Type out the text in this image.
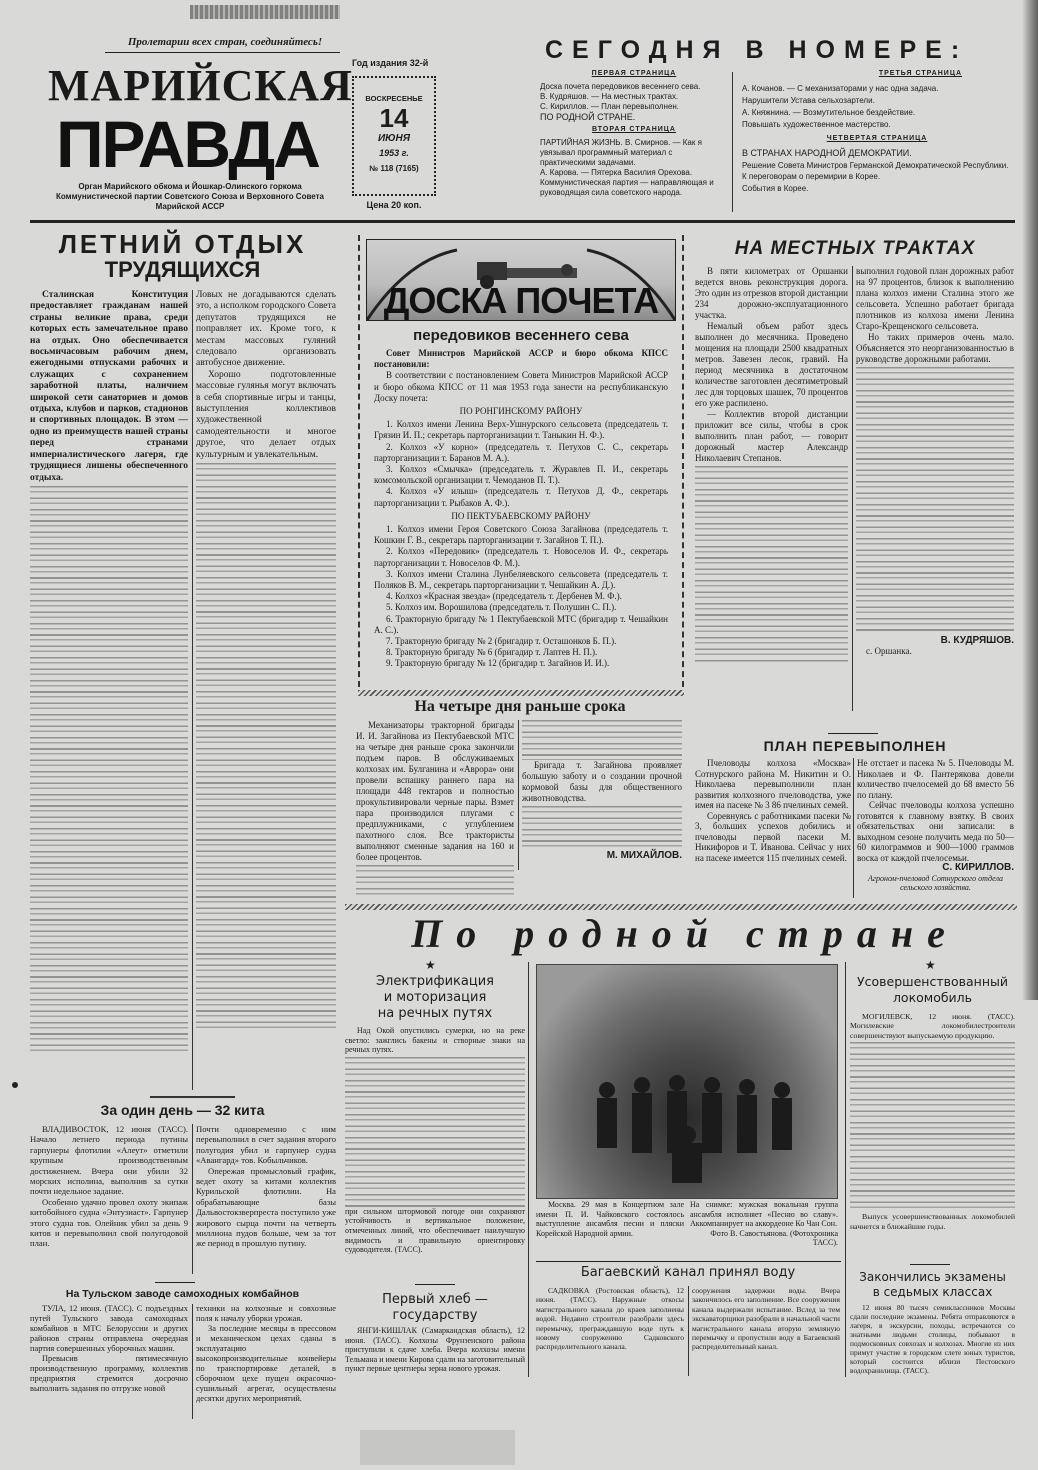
Пролетарии всех стран, соединяйтесь!
Год издания 32-й
МАРИЙСКАЯ
ПРАВДА
Орган Марийского обкома и Йошкар-Олинского горкома Коммунистической партии Советского Союза и Верховного Совета Марийской АССР
ВОСКРЕСЕНЬЕ
14
ИЮНЯ
1953 г.
№ 118 (7165)
Цена 20 коп.
СЕГОДНЯ В НОМЕРЕ:
ПЕРВАЯ СТРАНИЦА
Доска почета передовиков весеннего сева.
В. Кудряшов. — На местных трактах.
С. Кириллов. — План перевыполнен.
ПО РОДНОЙ СТРАНЕ.
ВТОРАЯ СТРАНИЦА
ПАРТИЙНАЯ ЖИЗНЬ. В. Смирнов. — Как я увязывал программный материал с практическими задачами.
А. Карова. — Пятерка Василия Орехова.
Коммунистическая партия — направляющая и руководящая сила советского народа.
ТРЕТЬЯ СТРАНИЦА
А. Кочанов. — С механизаторами у нас одна задача.
Нарушители Устава сельхозартели.
А. Княжнина. — Возмутительное бездействие.
Повышать художественное мастерство.
ЧЕТВЕРТАЯ СТРАНИЦА
В СТРАНАХ НАРОДНОЙ ДЕМОКРАТИИ.
Решение Совета Министров Германской Демократической Республики.
К переговорам о перемирии в Корее.
События в Корее.
ЛЕТНИЙ ОТДЫХ
ТРУДЯЩИХСЯ

Сталинская Конституция предоставляет гражданам нашей страны великие права, среди которых есть замечательное право на отдых. Оно обеспечивается восьмичасовым рабочим днем, ежегодными отпусками рабочих и служащих с сохранением заработной платы, наличием широкой сети санаториев и домов отдыха, клубов и парков, стадионов и спортивных площадок. В этом — одно из преимуществ нашей страны перед странами империалистического лагеря, где трудящиеся лишены обеспеченного отдыха.

Ловых не догадываются сделать это, а исполком городского Совета депутатов трудящихся не поправляет их. Кроме того, к местам массовых гуляний следовало организовать автобусное движение.

Хорошо подготовленные массовые гулянья могут включать в себя спортивные игры и танцы, выступления коллективов художественной самодеятельности и многое другое, что делает отдых культурным и увлекательным.

ДОСКА ПОЧЕТА
передовиков весеннего сева

Совет Министров Марийской АССР и бюро обкома КПСС постановили:

В соответствии с постановлением Совета Министров Марийской АССР и бюро обкома КПСС от 11 мая 1953 года занести на республиканскую Доску почета:

ПО РОНГИНСКОМУ РАЙОНУ

1. Колхоз имени Ленина Верх-Ушнурского сельсовета (председатель т. Грязин И. П.; секретарь парторганизации т. Таныкин Н. Ф.).

2. Колхоз «У корно» (председатель т. Петухов С. С., секретарь парторганизации т. Баранов М. А.).

3. Колхоз «Смычка» (председатель т. Журавлев П. И., секретарь комсомольской организации т. Чемоданов П. Т.).

4. Колхоз «У илыш» (председатель т. Петухов Д. Ф., секретарь парторганизации т. Рыбаков А. Ф.).

ПО ПЕКТУБАЕВСКОМУ РАЙОНУ

1. Колхоз имени Героя Советского Союза Загайнова (председатель т. Кошкин Г. В., секретарь парторганизации т. Загайнов Т. П.).

2. Колхоз «Передовик» (председатель т. Новоселов И. Ф., секретарь парторганизации т. Новоселов Ф. М.).

3. Колхоз имени Сталина Лунбеляевского сельсовета (председатель т. Поляков В. М., секретарь парторганизации т. Чешайкин А. Д.).

4. Колхоз «Красная звезда» (председатель т. Дербенев М. Ф.).

5. Колхоз им. Ворошилова (председатель т. Полушин С. П.).

6. Тракторную бригаду № 1 Пектубаевской МТС (бригадир т. Чешайкин А. С.).

7. Тракторную бригаду № 2 (бригадир т. Осташонков Б. П.).

8. Тракторную бригаду № 6 (бригадир т. Лаптев Н. П.).

9. Тракторную бригаду № 12 (бригадир т. Загайнов И. И.).

На четыре дня раньше срока

Механизаторы тракторной бригады И. И. Загайнова из Пектубаевской МТС на четыре дня раньше срока закончили подъем паров. В обслуживаемых колхозах им. Булганина и «Аврора» они провели вспашку раннего пара на площади 448 гектаров и полностью прокультивировали черные пары. Взмет пара производился плугами с предплужниками, с углублением пахотного слоя. Все трактористы выполняют сменные задания на 160 и более процентов.

Бригада т. Загайнова проявляет большую заботу и о создании прочной кормовой базы для общественного животноводства.

М. МИХАЙЛОВ.
НА МЕСТНЫХ ТРАКТАХ

В пяти километрах от Оршанки ведется вновь реконструкция дорога. Это один из отрезков второй дистанции 234 дорожно-эксплуатационного участка.

Немалый объем работ здесь выполнен до месячника. Проведено мощения на площади 2500 квадратных метров. Завезен лесок, гравий. На период месячника в достаточном количестве заготовлен десятиметровый лес для торцовых шашек, 70 процентов его уже распилено.

— Коллектив второй дистанции приложит все силы, чтобы в срок выполнить план работ, — говорит дорожный мастер Александр Николаевич Степанов.

выполнил годовой план дорожных работ на 97 процентов, близок к выполнению плана колхоз имени Сталина этого же сельсовета. Успешно работает бригада плотников из колхоза имени Ленина Старо-Крещенского сельсовета.

Но таких примеров очень мало. Объясняется это неорганизованностью в руководстве дорожными работами.

В. КУДРЯШОВ.
с. Оршанка.
ПЛАН ПЕРЕВЫПОЛНЕН

Пчеловоды колхоза «Москва» Сотнурского района М. Никитин и О. Николаева перевыполнили план развития колхозного пчеловодства, уже имея на пасеке № 3 86 пчелиных семей.

Соревнуясь с работниками пасеки № 3, больших успехов добились и пчеловоды первой пасеки М. Никифоров и Т. Иванова. Сейчас у них на пасеке имеется 115 пчелиных семей.

Не отстает и пасека № 5. Пчеловоды М. Николаев и Ф. Пантерякова довели количество пчелосемей до 68 вместо 56 по плану.

Сейчас пчеловоды колхоза успешно готовятся к главному взятку. В своих обязательствах они записали: в выходном сезоне получить меда по 50—60 килограммов и 900—1000 граммов воска от каждой пчелосемьи.

С. КИРИЛЛОВ.
Агроном-пчеловод Сотнурского отдела сельского хозяйства.
По родной стране
★
Электрификация
и моторизация
на речных путях

Над Окой опустились сумерки, но на реке светло: зажглись бакены и створные знаки на речных путях.

при сильном штормовой погоде они сохраняют устойчивость и вертикальное положение, отмеченных линий, что обеспечивает наилучшую видимость и правильную ориентировку судоводителя. (ТАСС).

Первый хлеб —
государству

ЯНГИ-КИШЛАК (Самаркандская область), 12 июня. (ТАСС). Колхозы Фрунзенского района приступили к сдаче хлеба. Вчера колхозы имени Тельмана и имени Кирова сдали на заготовительный пункт первые центнеры зерна нового урожая.

Москва. 29 мая в Концертном зале имени П. И. Чайковского состоялось выступление ансамбля песни и пляски Корейской Народной армии.

На снимке: мужская вокальная группа ансамбля исполняет «Песню во славу». Аккомпанирует на аккордеоне Ко Чан Сон.

Фото В. Савостьянова. (Фотохроника ТАСС).
Багаевский канал принял воду

САДКОВКА (Ростовская область), 12 июня. (ТАСС). Наружные откосы магистрального канала до краев заполнены водой. Недавно строители разобрали здесь перемычку, преграждавшую воде путь к новому сооружению Садковского распределительного канала.

сооружения задержки воды. Вчера закончилось его заполнение. Все сооружения канала выдержали испытание. Вслед за тем экскаваторщики разобрали в начальной части магистрального канала вторую земляную перемычку и пропустили воду в Багаевский распределительный канал.

★
Усовершенствованный
локомобиль

МОГИЛЕВСК, 12 июня. (ТАСС). Могилевские локомобилестроители совершенствуют выпускаемую продукцию.

Выпуск усовершенствованных локомобилей начнется в ближайшие годы.

Закончились экзамены
в седьмых классах

12 июня 80 тысяч семиклассников Москвы сдали последние экзамены. Ребята отправляются в лагеря, в экскурсии, походы, встречаются со знатными людьми столицы, побывают в подмосковных совхозах и колхозах. Многие из них примут участие в городском слете юных туристов, который состоится вблизи Пестовского водохранилища. (ТАСС).

За один день — 32 кита

ВЛАДИВОСТОК, 12 июня (ТАСС). Начало летнего периода путины гарпунеры флотилии «Алеут» отметили крупным производственным достижением. Вчера они убили 32 морских исполина, выполнив за сутки почти недельное задание.

Особенно удачно провел охоту экипаж китобойного судна «Энтузиаст». Гарпунер этого судна тов. Олейник убил за день 9 китов и перевыполнил свой полугодовой план.

Почти одновременно с ним перевыполнил в счет задания второго полугодия убил и гарпунер судна «Авангард» тов. Кобыльчиков.

Опережая промысловый график, ведет охоту за китами коллектив Курильской флотилии. На обрабатывающие базы Дальвостокзверпреста поступило уже жирового сырца почти на четверть миллиона пудов больше, чем за тот же период в прошлую путину.

На Тульском заводе самоходных комбайнов

ТУЛА, 12 июня. (ТАСС). С подъездных путей Тульского завода самоходных комбайнов в МТС Белоруссии и других районов страны отправлена очередная партия совершенных уборочных машин.

Превысив пятимесячную производственную программу, коллектив предприятия стремится досрочно выполнить задания по отгрузке новой

техники на колхозные и совхозные поля к началу уборки урожая.

За последние месяцы в прессовом и механическом цехах сданы в эксплуатацию высокопроизводительные конвейеры по транспортировке деталей, в сборочном цехе пущен окрасочно-сушильный агрегат, осуществлены десятки других мероприятий.
